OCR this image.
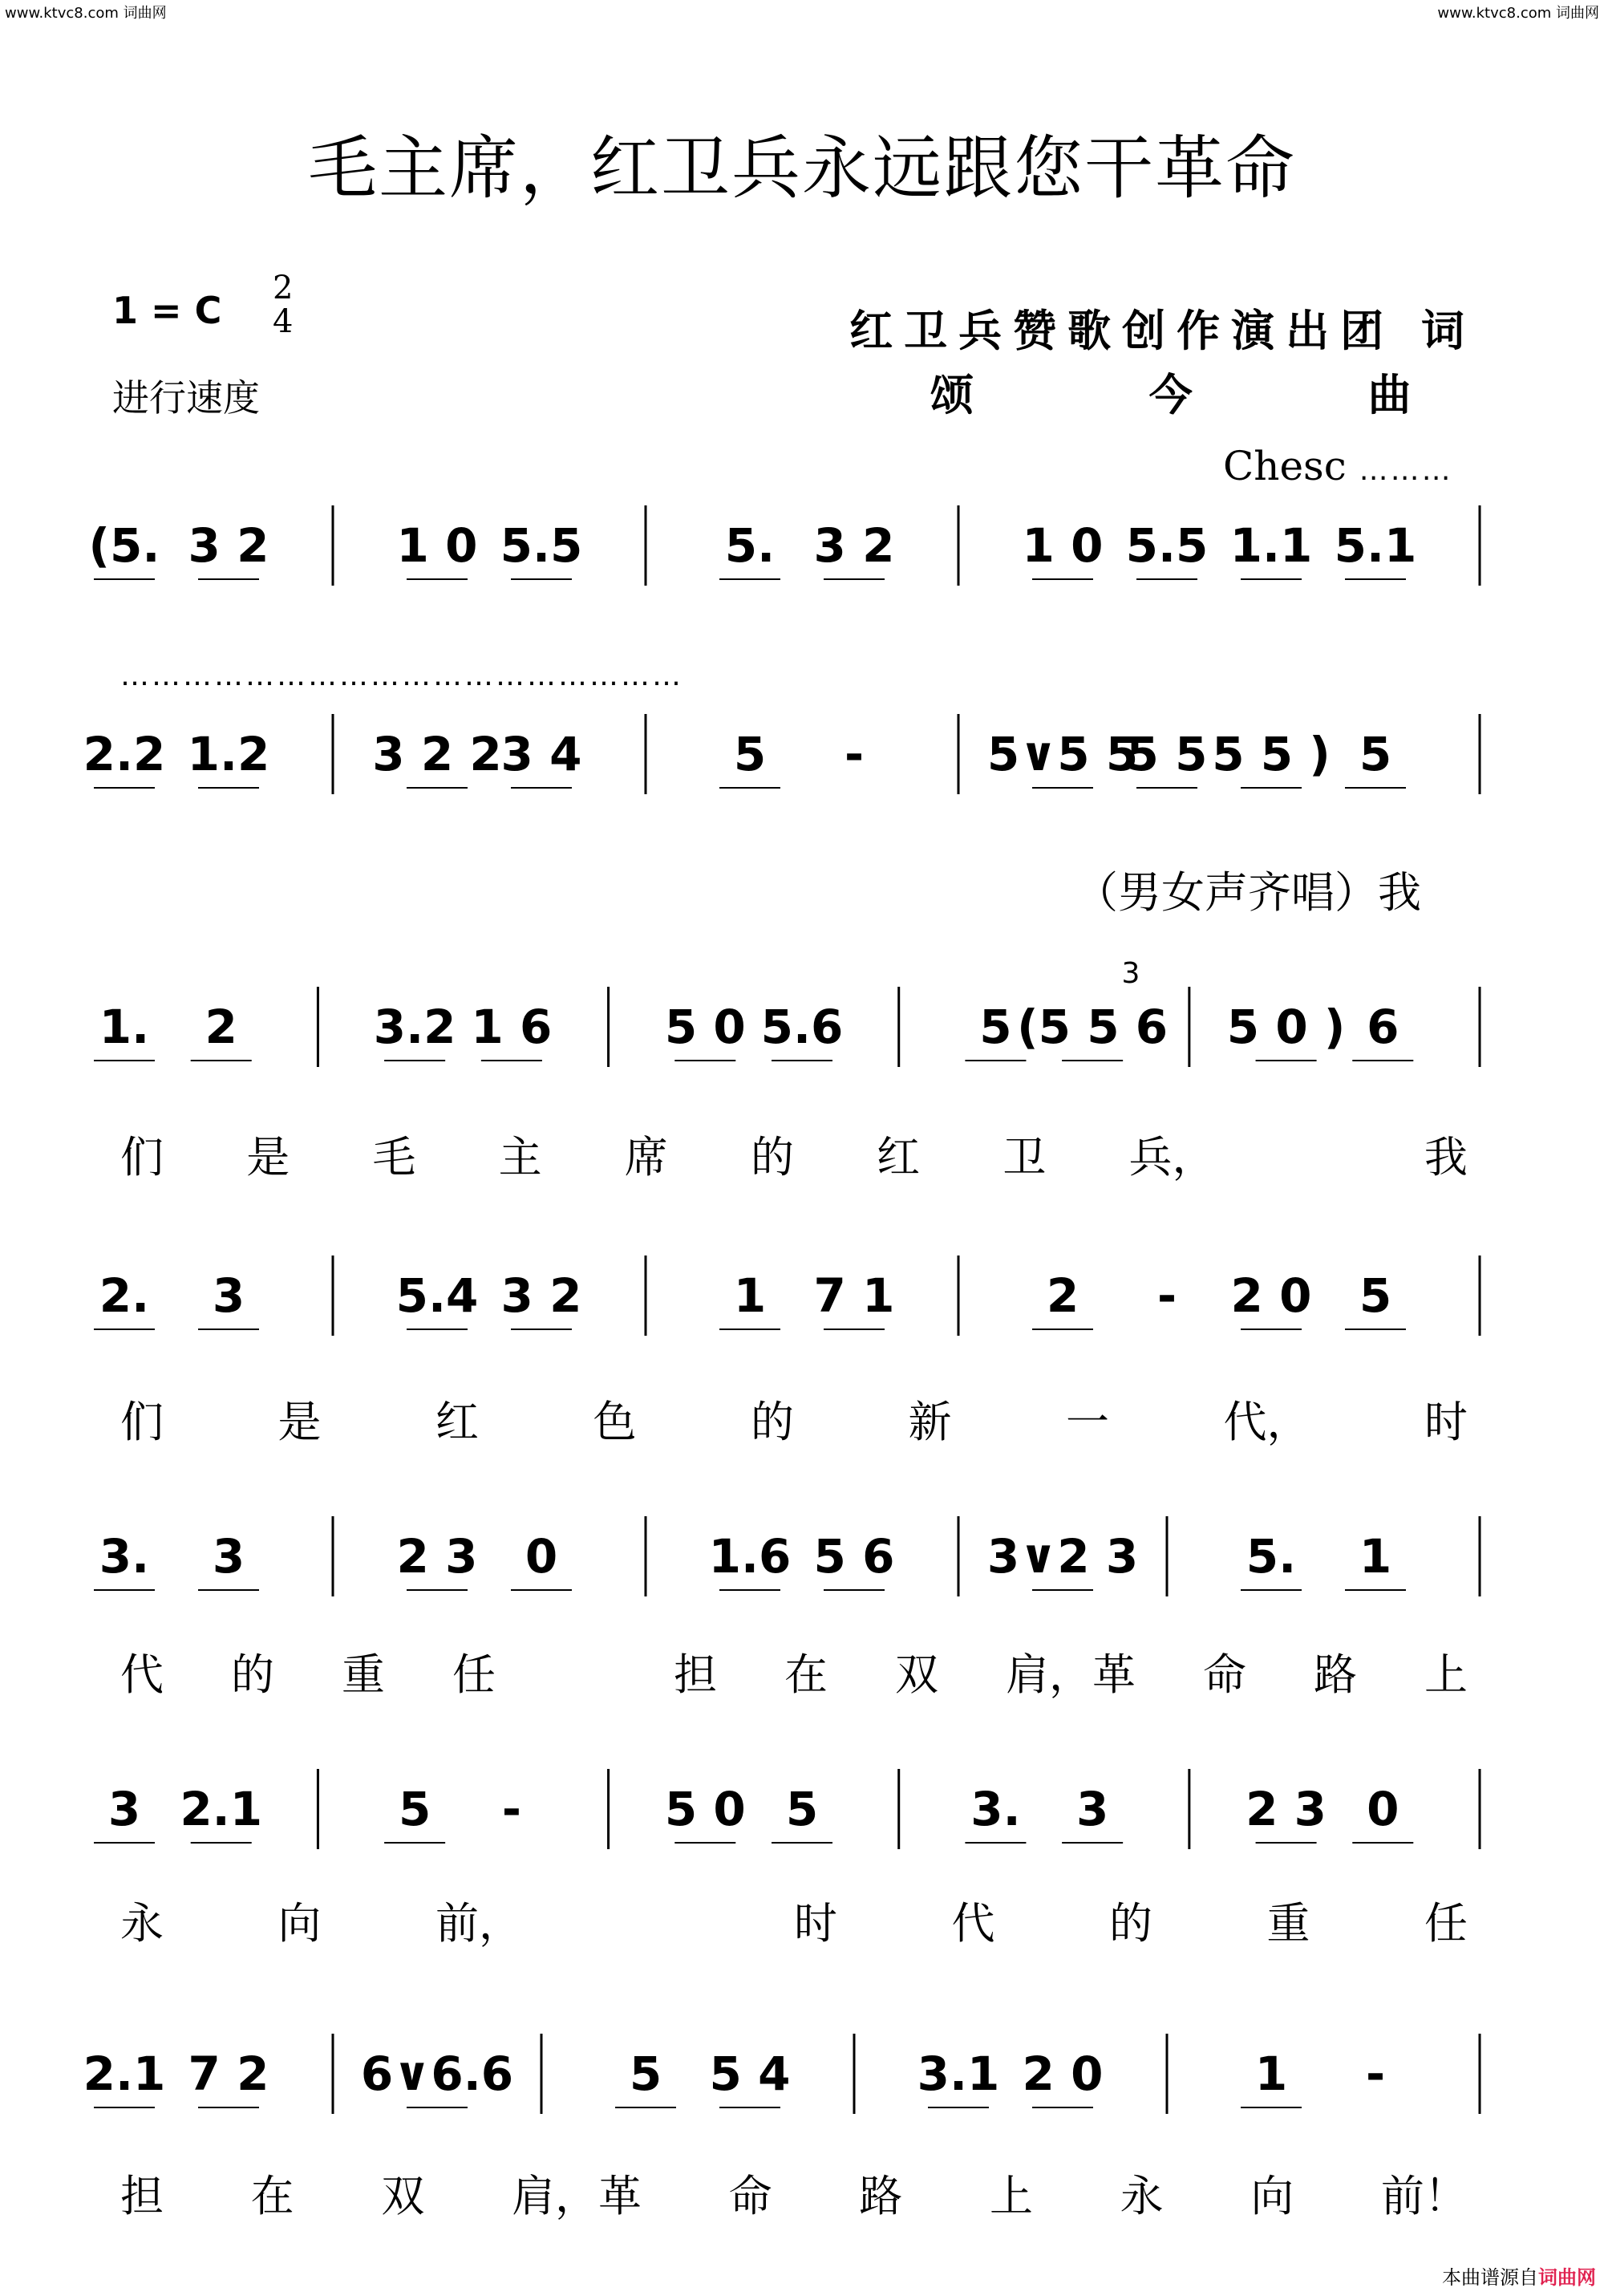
www.ktvc8.com 词曲网	www.ktvc8.com 词曲网
毛主席，红卫兵永远跟您干革命
1 = C
2
4
进行速度
红卫兵赞歌创作演出团 词
颂 今 曲
Chesc ………
………………………………………………
(5. 3 2	1 0 5.5	5. 3 2	1 0 5.5 1.1 5.1
2.2 1.2 3 2 2
3 4	5 -	5∨5 5
5 5 5 5 ) 5
1. 2	3.2 1 6 5 0 5.6	5 (5 5 6 5 0 ) 6
2. 3	5.4 3 2	1 7 1	2 - 2 0 5
3. 3	2 3 0	1.6 5 6 3∨2 3 5. 1
3 2.1	5 -	5 0 5	3. 3	2 3 0
2.1 7 2 6∨6.6 5 5 4	3.1 2 0	1 -
3
（男女声齐唱）我
们 是 毛 主 席 的 红 卫 兵，
　	我
们	是	红	色	的	新	一	代，	时
代 的 重 任
　	担 在 双 肩，革 命 路 上
永	向	前，
　	时	代	的	重	任
担 在 双 肩，革 命 路 上 永 向 前！
本曲谱源自词曲网
